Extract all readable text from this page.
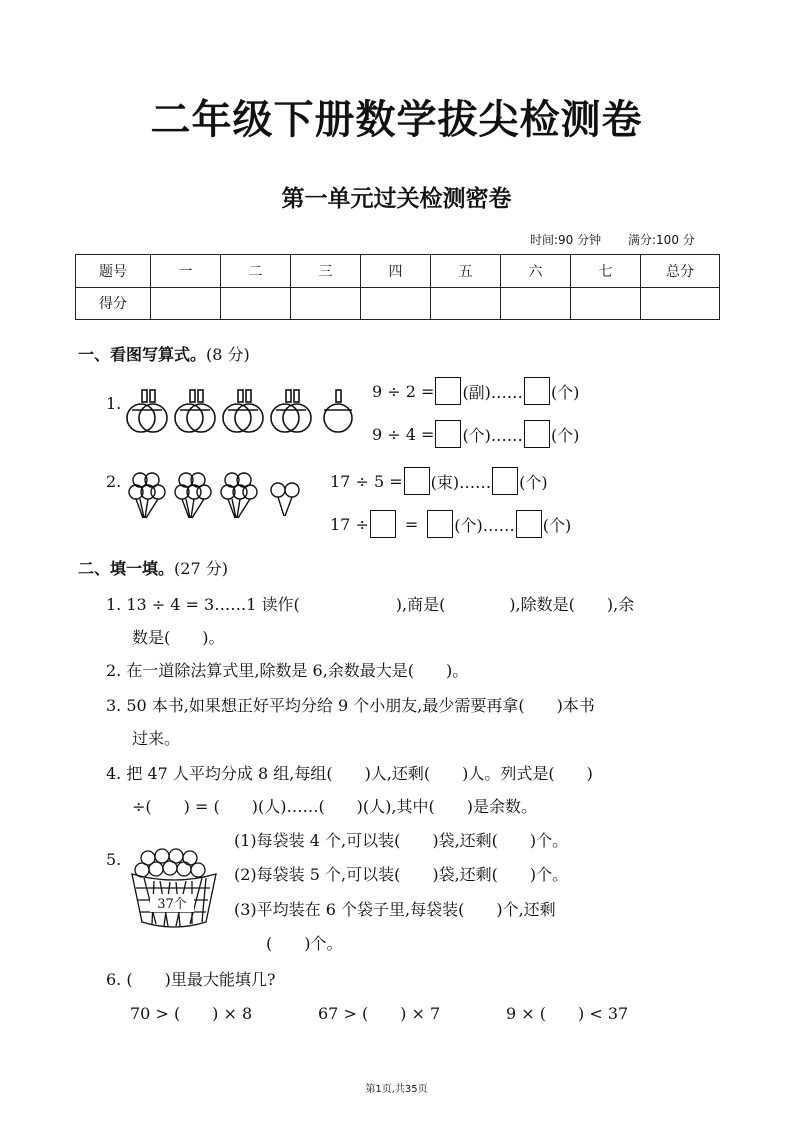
二年级下册数学拔尖检测卷
第一单元过关检测密卷
时间:90 分钟 满分:100 分
题号	一	二	三	四	五	六	七	总分
得分								
一、看图写算式。(8 分)
1.
9 ÷ 2 = (副)…… (个)
9 ÷ 4 = (个)…… (个)
2.	17 ÷ 5 = (束)…… (个)
17 ÷ = (个)…… (个)
二、填一填。(27 分)
1. 13 ÷ 4 = 3……1 读作(　　　　　　),商是(　　　　),除数是(　　),余
数是(　　)。
2. 在一道除法算式里,除数是 6,余数最大是(　　)。
3. 50 本书,如果想正好平均分给 9 个小朋友,最少需要再拿(　　)本书
过来。
4. 把 47 人平均分成 8 组,每组(　　)人,还剩(　　)人。列式是(　　)
÷(　　) = (　　)(人)……(　　)(人),其中(　　)是余数。
5.
37个
(1)每袋装 4 个,可以装(　　)袋,还剩(　　)个。
(2)每袋装 5 个,可以装(　　)袋,还剩(　　)个。
(3)平均装在 6 个袋子里,每袋装(　　)个,还剩
(　　)个。
6. (　　)里最大能填几?
70 > (　　) × 8	67 > (　　) × 7	9 × (　　) < 37
第1页,共35页
